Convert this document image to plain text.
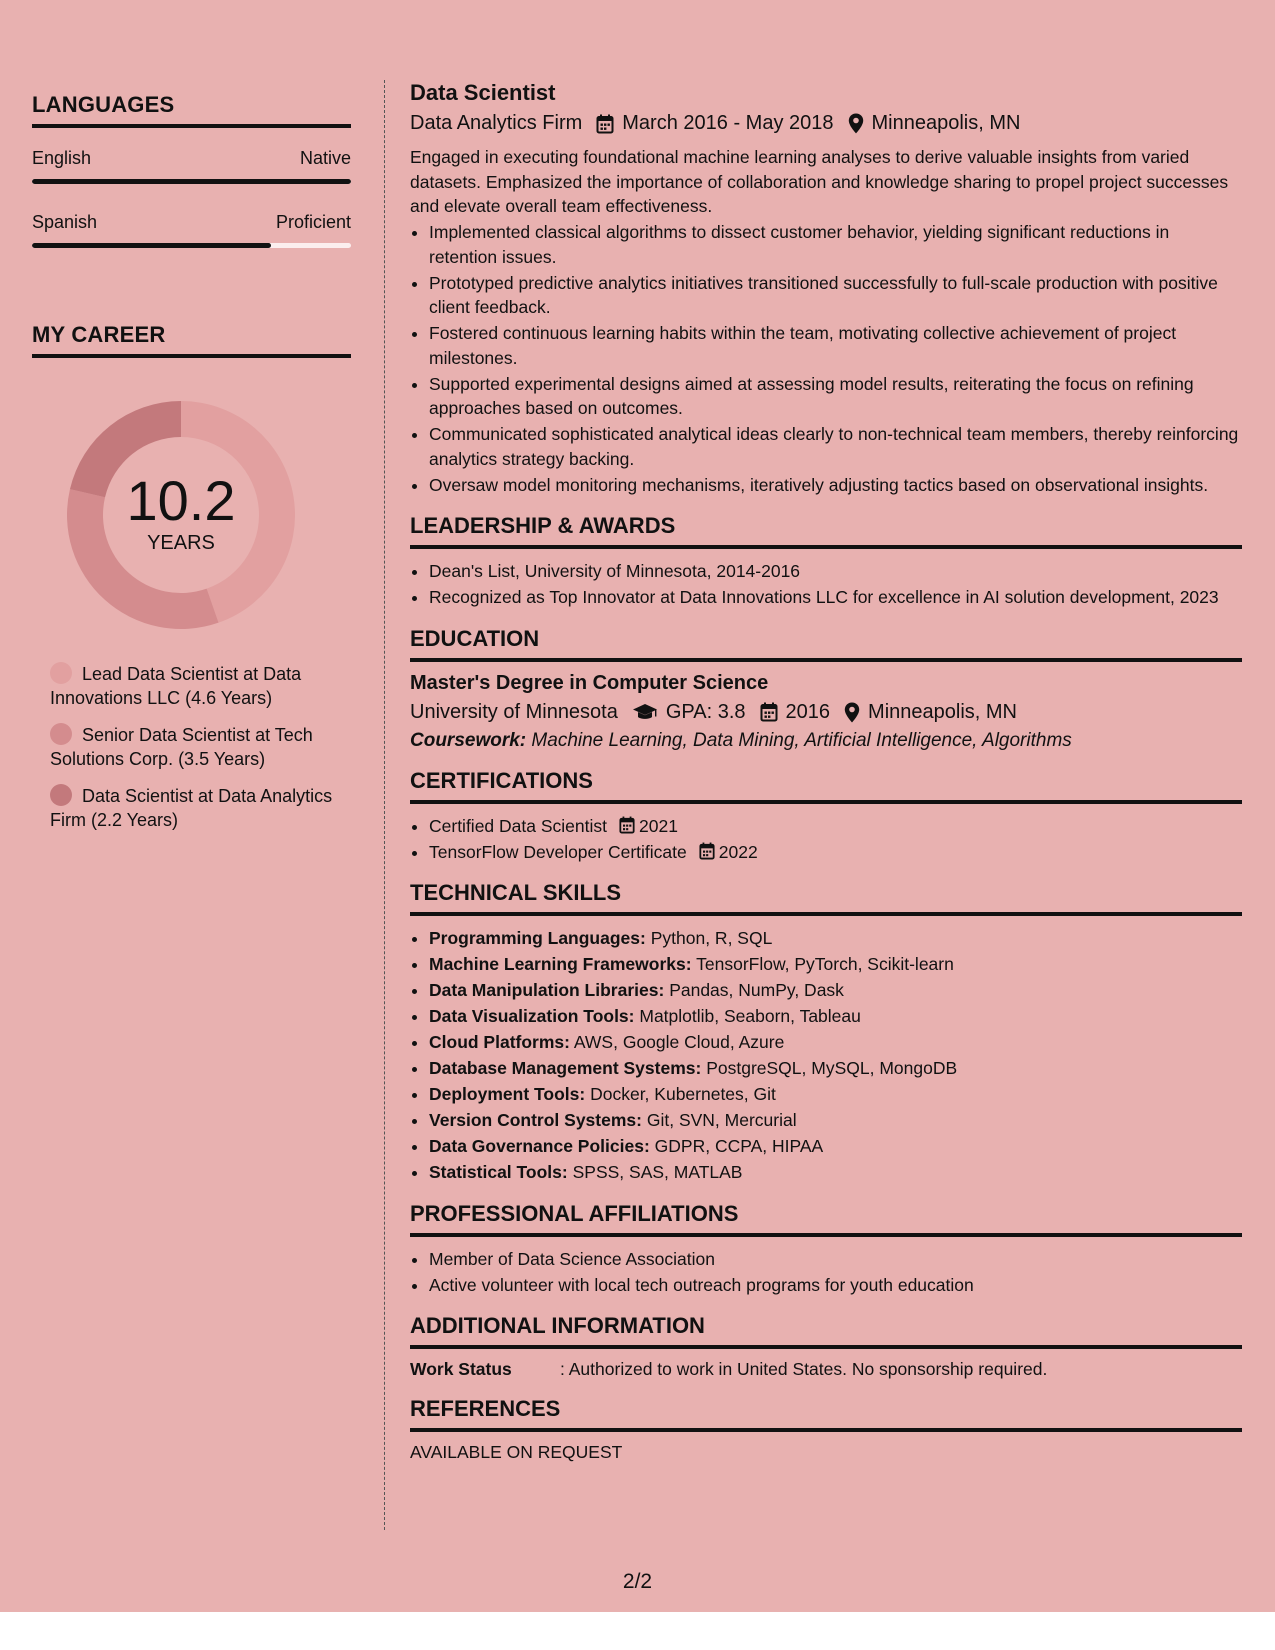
LANGUAGES
English	Native
Spanish	Proficient
MY CAREER
10.2
YEARS
Lead Data Scientist at Data Innovations LLC (4.6 Years)
Senior Data Scientist at Tech Solutions Corp. (3.5 Years)
Data Scientist at Data Analytics Firm (2.2 Years)
Data Scientist
Data Analytics Firm March 2016 - May 2018 Minneapolis, MN
Engaged in executing foundational machine learning analyses to derive valuable insights from varied datasets. Emphasized the importance of collaboration and knowledge sharing to propel project successes and elevate overall team effectiveness.
• Implemented classical algorithms to dissect customer behavior, yielding significant reductions in retention issues.
• Prototyped predictive analytics initiatives transitioned successfully to full-scale production with positive client feedback.
• Fostered continuous learning habits within the team, motivating collective achievement of project milestones.
• Supported experimental designs aimed at assessing model results, reiterating the focus on refining approaches based on outcomes.
• Communicated sophisticated analytical ideas clearly to non-technical team members, thereby reinforcing analytics strategy backing.
• Oversaw model monitoring mechanisms, iteratively adjusting tactics based on observational insights.
LEADERSHIP & AWARDS
• Dean's List, University of Minnesota, 2014-2016
• Recognized as Top Innovator at Data Innovations LLC for excellence in AI solution development, 2023
EDUCATION
Master's Degree in Computer Science
University of Minnesota GPA: 3.8 2016 Minneapolis, MN
Coursework: Machine Learning, Data Mining, Artificial Intelligence, Algorithms
CERTIFICATIONS
• Certified Data Scientist 2021
• TensorFlow Developer Certificate 2022
TECHNICAL SKILLS
• Programming Languages: Python, R, SQL
• Machine Learning Frameworks: TensorFlow, PyTorch, Scikit-learn
• Data Manipulation Libraries: Pandas, NumPy, Dask
• Data Visualization Tools: Matplotlib, Seaborn, Tableau
• Cloud Platforms: AWS, Google Cloud, Azure
• Database Management Systems: PostgreSQL, MySQL, MongoDB
• Deployment Tools: Docker, Kubernetes, Git
• Version Control Systems: Git, SVN, Mercurial
• Data Governance Policies: GDPR, CCPA, HIPAA
• Statistical Tools: SPSS, SAS, MATLAB
PROFESSIONAL AFFILIATIONS
• Member of Data Science Association
• Active volunteer with local tech outreach programs for youth education
ADDITIONAL INFORMATION
Work Status	: Authorized to work in United States. No sponsorship required.
REFERENCES
AVAILABLE ON REQUEST
2/2
